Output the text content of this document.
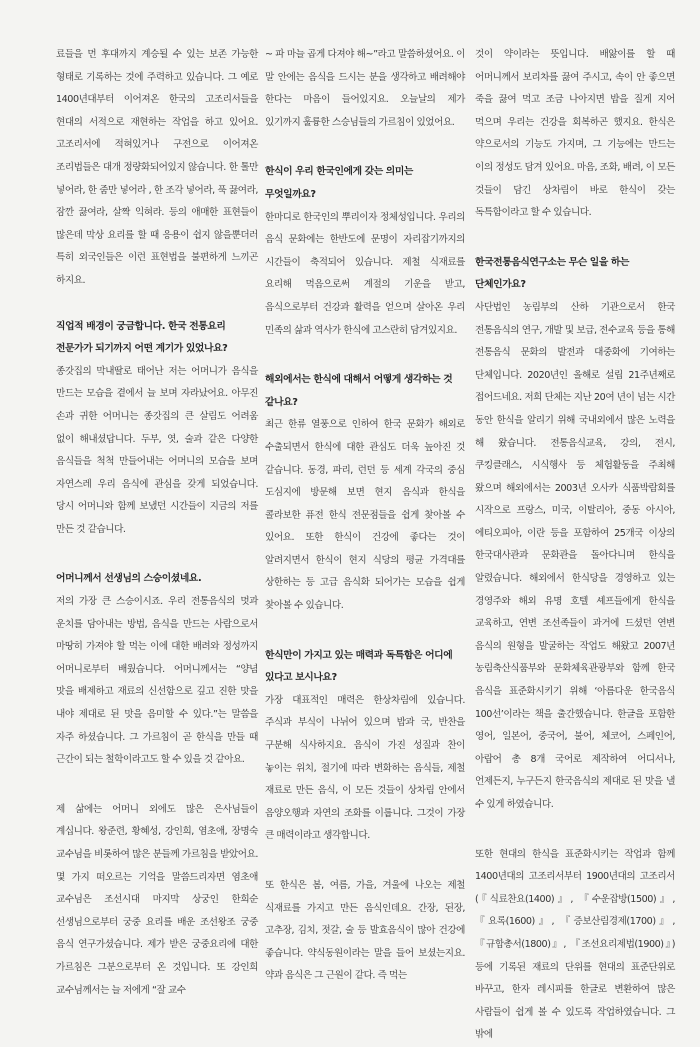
료들을 먼 후대까지 계승될 수 있는 보존 가능한 형태로 기록하는 것에 주력하고 있습니다. 그 예로 1400년대부터 이어져온 한국의 고조리서들을 현대의 서적으로 재현하는 작업을 하고 있어요. 고조리서에 적혀있거나 구전으로 이어져온 조리법들은 대개 정량화되어있지 않습니다. 한 톨만 넣어라, 한 줌만 넣어라 , 한 조각 넣어라, 푹 끓여라, 잠깐 끓여라, 살짝 익혀라. 등의 애매한 표현들이 많은데 막상 요리를 할 때 응용이 쉽지 않을뿐더러 특히 외국인들은 이런 표현법을 불편하게 느끼곤 하지요.

직업적 배경이 궁금합니다. 한국 전통요리 전문가가 되기까지 어떤 계기가 있었나요?

종갓집의 막내딸로 태어난 저는 어머니가 음식을 만드는 모습을 곁에서 늘 보며 자라났어요. 아무진 손과 귀한 어머니는 종갓집의 큰 살림도 어려움 없이 해내셨답니다. 두부, 엿, 술과 같은 다양한 음식들을 척척 만들어내는 어머니의 모습을 보며 자연스레 우리 음식에 관심을 갖게 되었습니다. 당시 어머니와 함께 보냈던 시간들이 지금의 저를 만든 것 같습니다.

어머니께서 선생님의 스승이셨네요.

저의 가장 큰 스승이시죠. 우리 전통음식의 멋과 운치를 담아내는 방법, 음식을 만드는 사람으로서 마땅히 가져야 할 먹는 이에 대한 배려와 정성까지 어머니로부터 배웠습니다. 어머니께서는 “양념 맛을 배제하고 재료의 신선함으로 깊고 진한 맛을 내야 제대로 된 맛을 음미할 수 있다.”는 말씀을 자주 하셨습니다. 그 가르침이 곧 한식을 만들 때 근간이 되는 철학이라고도 할 수 있을 것 같아요.

제 삶에는 어머니 외에도 많은 은사님들이 계십니다. 왕준련, 황혜성, 강인희, 염초애, 장명숙 교수님을 비롯하여 많은 분들께 가르침을 받았어요. 몇 가지 떠오르는 기억을 말씀드리자면 염초애 교수님은 조선시대 마지막 상궁인 한희순 선생님으로부터 궁중 요리를 배운 조선왕조 궁중 음식 연구가셨습니다. 제가 받은 궁중요리에 대한 가르침은 그분으로부터 온 것입니다. 또 강인희 교수님께서는 늘 저에게 “잘 교수

~ 파 마늘 곱게 다져야 해~”라고 말씀하셨어요. 이 말 안에는 음식을 드시는 분을 생각하고 배려해야 한다는 마음이 들어있지요. 오늘날의 제가 있기까지 훌륭한 스승님들의 가르침이 있었어요.

한식이 우리 한국인에게 갖는 의미는 무엇일까요?

한마디로 한국인의 뿌리이자 정체성입니다. 우리의 음식 문화에는 한반도에 문명이 자리잡기까지의 시간들이 축적되어 있습니다. 제철 식재료를 요리해 먹음으로써 계절의 기운을 받고, 음식으로부터 건강과 활력을 얻으며 살아온 우리 민족의 삶과 역사가 한식에 고스란히 담겨있지요.

해외에서는 한식에 대해서 어떻게 생각하는 것 같나요?

최근 한류 열풍으로 인하여 한국 문화가 해외로 수출되면서 한식에 대한 관심도 더욱 높아진 것 같습니다. 동경, 파리, 런던 등 세계 각국의 중심 도심지에 방문해 보면 현지 음식과 한식을 콜라보한 퓨전 한식 전문점들을 쉽게 찾아볼 수 있어요. 또한 한식이 건강에 좋다는 것이 알려지면서 한식이 현지 식당의 평균 가격대를 상한하는 등 고급 음식화 되어가는 모습을 쉽게 찾아볼 수 있습니다.

한식만이 가지고 있는 매력과 독특함은 어디에 있다고 보시나요?

가장 대표적인 매력은 한상차림에 있습니다. 주식과 부식이 나뉘어 있으며 밥과 국, 반찬을 구분해 식사하지요. 음식이 가진 성질과 찬이 놓이는 위치, 절기에 따라 변화하는 음식들, 제철 재료로 만든 음식, 이 모든 것들이 상차림 안에서 음양오행과 자연의 조화를 이룹니다. 그것이 가장 큰 매력이라고 생각합니다.

또 한식은 봄, 여름, 가을, 겨울에 나오는 제철 식재료를 가지고 만든 음식인데요. 간장, 된장, 고추장, 김치, 젓갈, 술 등 발효음식이 많아 건강에 좋습니다. 약식동원이라는 말을 들어 보셨는지요. 약과 음식은 그 근원이 같다. 즉 먹는

것이 약이라는 뜻입니다. 배앓이를 할 때 어머니께서 보리차를 끓여 주시고, 속이 안 좋으면 죽을 끓여 먹고 조금 나아지면 밥을 질게 지어 먹으며 우리는 건강을 회복하곤 했지요. 한식은 약으로서의 기능도 가지며, 그 기능에는 만드는 이의 정성도 담겨 있어요. 마음, 조화, 배려, 이 모든 것들이 담긴 상차림이 바로 한식이 갖는 독특함이라고 할 수 있습니다.

한국전통음식연구소는 무슨 일을 하는 단체인가요?

사단법인 농림부의 산하 기관으로서 한국 전통음식의 연구, 개발 및 보급, 전수교육 등을 통해 전통음식 문화의 발전과 대중화에 기여하는 단체입니다. 2020년인 올해로 설립 21주년째로 접어드네요. 저희 단체는 지난 20여 년이 넘는 시간 동안 한식을 알리기 위해 국내외에서 많은 노력을 해 왔습니다. 전통음식교육, 강의, 전시, 쿠킹클래스, 시식행사 등 체험활동을 주최해 왔으며 해외에서는 2003년 오사카 식품박람회를 시작으로 프랑스, 미국, 이탈리아, 중동 아시아, 에티오피아, 이란 등을 포함하여 25개국 이상의 한국대사관과 문화관을 돌아다니며 한식을 알렸습니다. 해외에서 한식당을 경영하고 있는 경영주와 해외 유명 호텔 셰프들에게 한식을 교육하고, 연변 조선족들이 과거에 드셨던 연변 음식의 원형을 발굴하는 작업도 해왔고 2007년 농림축산식품부와 문화체육관광부와 함께 한국 음식을 표준화시키기 위해 ‘아름다운 한국음식 100선’이라는 책을 출간했습니다. 한글을 포함한 영어, 일본어, 중국어, 불어, 체코어, 스페인어, 아랍어 총 8개 국어로 제작하여 어디서나, 언제든지, 누구든지 한국음식의 제대로 된 맛을 낼 수 있게 하였습니다.

또한 현대의 한식을 표준화시키는 작업과 함께 1400년대의 고조리서부터 1900년대의 고조리서 (『식료찬요(1400)』, 『수운잡방(1500)』, 『요록(1600)』, 『증보산림경제(1700)』, 『규합총서(1800)』, 『조선요리제법(1900)』) 등에 기록된 재료의 단위를 현대의 표준단위로 바꾸고, 한자 레시피를 한글로 변환하여 많은 사람들이 쉽게 볼 수 있도록 작업하였습니다. 그 밖에
